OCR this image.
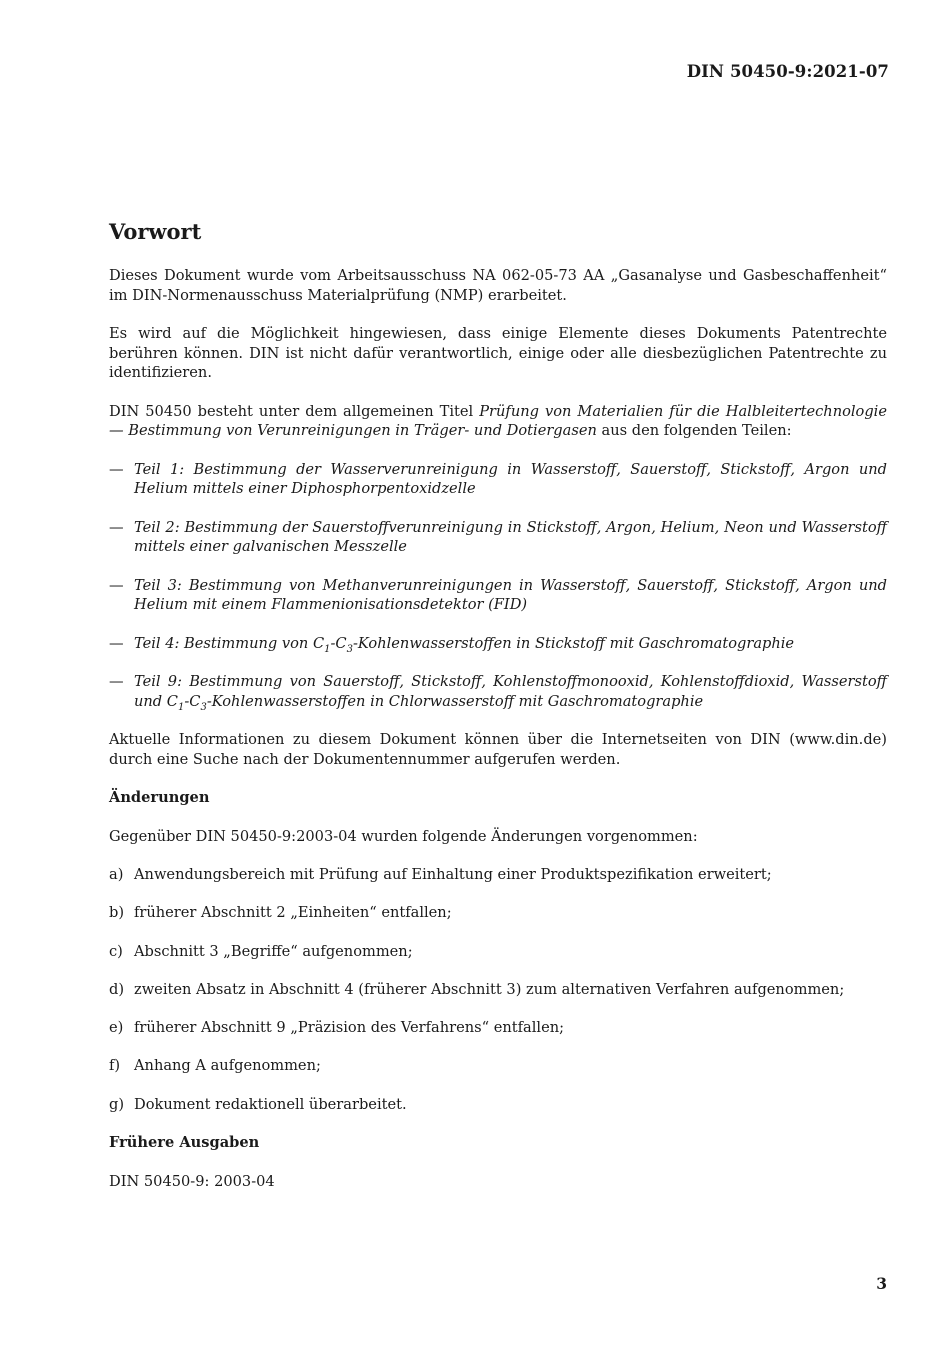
DIN 50450-9:2021-07
Vorwort

Dieses Dokument wurde vom Arbeitsausschuss NA 062-05-73 AA „Gasanalyse und Gasbeschaffenheit“ im DIN-Normenausschuss Materialprüfung (NMP) erarbeitet.

Es wird auf die Möglichkeit hingewiesen, dass einige Elemente dieses Dokuments Patentrechte berühren können. DIN ist nicht dafür verantwortlich, einige oder alle diesbezüglichen Patentrechte zu identifizieren.

DIN 50450 besteht unter dem allgemeinen Titel Prüfung von Materialien für die Halbleitertechnologie — Bestimmung von Verunreinigungen in Träger- und Dotiergasen aus den folgenden Teilen:

— Teil 1: Bestimmung der Wasserverunreinigung in Wasserstoff, Sauerstoff, Stickstoff, Argon und Helium mittels einer Diphosphorpentoxidzelle
— Teil 2: Bestimmung der Sauerstoffverunreinigung in Stickstoff, Argon, Helium, Neon und Wasserstoff mittels einer galvanischen Messzelle
— Teil 3: Bestimmung von Methanverunreinigungen in Wasserstoff, Sauerstoff, Stickstoff, Argon und Helium mit einem Flammenionisationsdetektor (FID)
— Teil 4: Bestimmung von $C_1-C_3$-Kohlenwasserstoffen in Stickstoff mit Gaschromatographie
— Teil 9: Bestimmung von Sauerstoff, Stickstoff, Kohlenstoffmonooxid, Kohlenstoffdioxid, Wasserstoff und $C_1-C_3$-Kohlenwasserstoffen in Chlorwasserstoff mit Gaschromatographie

Aktuelle Informationen zu diesem Dokument können über die Internetseiten von DIN (www.din.de) durch eine Suche nach der Dokumentennummer aufgerufen werden.

Änderungen

Gegenüber DIN 50450-9:2003-04 wurden folgende Änderungen vorgenommen:

a) Anwendungsbereich mit Prüfung auf Einhaltung einer Produktspezifikation erweitert;
b) früherer Abschnitt 2 „Einheiten“ entfallen;
c) Abschnitt 3 „Begriffe“ aufgenommen;
d) zweiten Absatz in Abschnitt 4 (früherer Abschnitt 3) zum alternativen Verfahren aufgenommen;
e) früherer Abschnitt 9 „Präzision des Verfahrens“ entfallen;
f) Anhang A aufgenommen;
g) Dokument redaktionell überarbeitet.
Frühere Ausgaben

DIN 50450-9: 2003-04

3
